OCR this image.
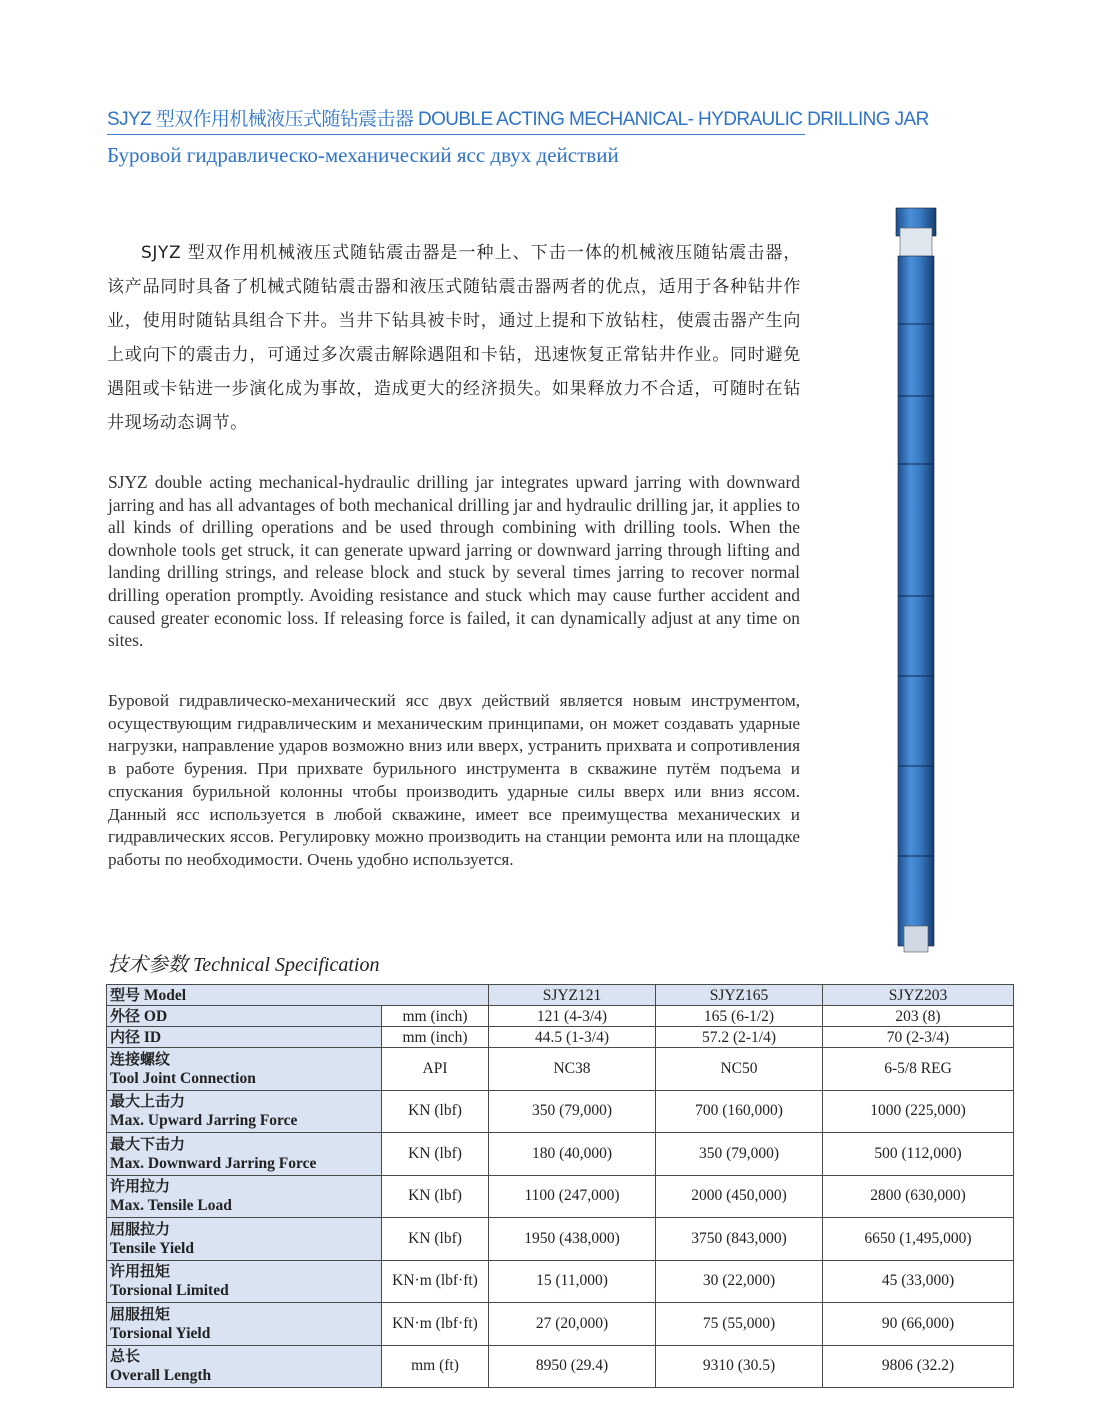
SJYZ 型双作用机械液压式随钻震击器 DOUBLE ACTING MECHANICAL- HYDRAULIC DRILLING JAR
Буровой гидравлическо-механический ясс двух действий
SJYZ 型双作用机械液压式随钻震击器是一种上、下击一体的机械液压随钻震击器，该产品同时具备了机械式随钻震击器和液压式随钻震击器两者的优点，适用于各种钻井作业，使用时随钻具组合下井。当井下钻具被卡时，通过上提和下放钻柱，使震击器产生向上或向下的震击力，可通过多次震击解除遇阻和卡钻，迅速恢复正常钻井作业。同时避免遇阻或卡钻进一步演化成为事故，造成更大的经济损失。如果释放力不合适，可随时在钻井现场动态调节。
SJYZ double acting mechanical-hydraulic drilling jar integrates upward jarring with downward jarring and has all advantages of both mechanical drilling jar and hydraulic drilling jar, it applies to all kinds of drilling operations and be used through combining with drilling tools. When the downhole tools get struck, it can generate upward jarring or downward jarring through lifting and landing drilling strings, and release block and stuck by several times jarring to recover normal drilling operation promptly. Avoiding resistance and stuck which may cause further accident and caused greater economic loss. If releasing force is failed, it can dynamically adjust at any time on sites.
Буровой гидравлическо-механический ясс двух действий является новым инструментом, осуществующим гидравлическим и механическим принципами, он может создавать ударные нагрузки, направление ударов возможно вниз или вверх, устранить прихвата и сопротивления в работе бурения. При прихвате бурильного инструмента в скважине путём подъема и спускания бурильной колонны чтобы производить ударные силы вверх или вниз яссом. Данный ясс используется в любой скважине, имеет все преимущества механических и гидравлических яссов. Регулировку можно производить на станции ремонта или на площадке работы по необходимости. Очень удобно используется.
技术参数 Technical Specification
型号 Model		SJYZ121	SJYZ165	SJYZ203
外径 OD	mm (inch)	121 (4-3/4)	165 (6-1/2)	203 (8)
内径 ID	mm (inch)	44.5 (1-3/4)	57.2 (2-1/4)	70 (2-3/4)

连接螺纹
Tool Joint Connection	API	NC38	NC50	6-5/8 REG

最大上击力
Max. Upward Jarring Force	KN (lbf)	350 (79,000)	700 (160,000)	1000 (225,000)

最大下击力
Max. Downward Jarring Force	KN (lbf)	180 (40,000)	350 (79,000)	500 (112,000)

许用拉力
Max. Tensile Load	KN (lbf)	1100 (247,000)	2000 (450,000)	2800 (630,000)

屈服拉力
Tensile Yield	KN (lbf)	1950 (438,000)	3750 (843,000)	6650 (1,495,000)

许用扭矩
Torsional Limited	KN·m (lbf·ft)	15 (11,000)	30 (22,000)	45 (33,000)

屈服扭矩
Torsional Yield	KN·m (lbf·ft)	27 (20,000)	75 (55,000)	90 (66,000)

总长
Overall Length	mm (ft)	8950 (29.4)	9310 (30.5)	9806 (32.2)
